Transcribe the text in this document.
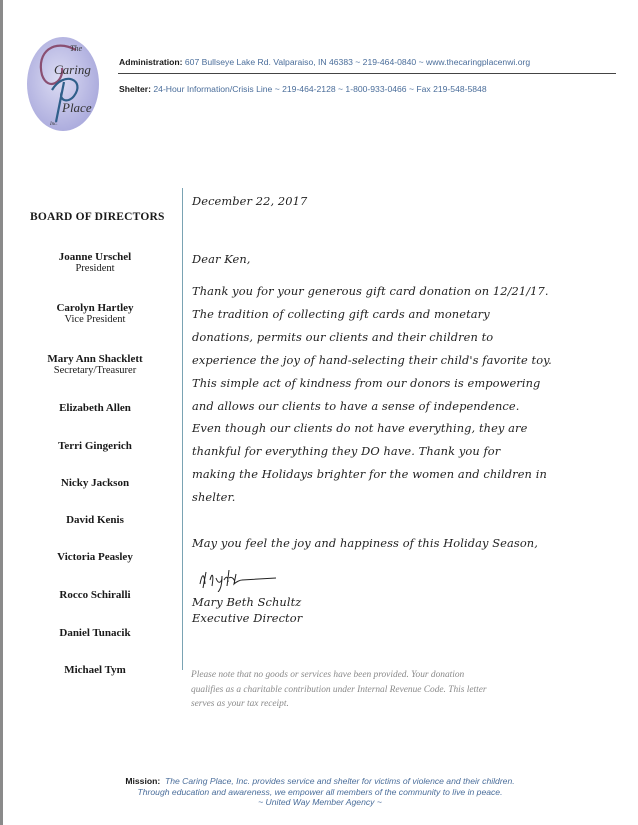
The
Caring
Place
Inc.
Administration: 607 Bullseye Lake Rd. Valparaiso, IN 46383 ~ 219-464-0840 ~ www.thecaringplacenwi.org
Shelter: 24-Hour Information/Crisis Line ~ 219-464-2128 ~ 1-800-933-0466 ~ Fax 219-548-5848
BOARD OF DIRECTORS
Joanne Urschel
President
Carolyn Hartley
Vice President
Mary Ann Shacklett
Secretary/Treasurer
Elizabeth Allen
Terri Gingerich
Nicky Jackson
David Kenis
Victoria Peasley
Rocco Schiralli
Daniel Tunacik
Michael Tym
December 22, 2017
Dear Ken,
Thank you for your generous gift card donation on 12/21/17.
The tradition of collecting gift cards and monetary
donations, permits our clients and their children to
experience the joy of hand-selecting their child's favorite toy.
This simple act of kindness from our donors is empowering
and allows our clients to have a sense of independence.
Even though our clients do not have everything, they are
thankful for everything they DO have. Thank you for
making the Holidays brighter for the women and children in
shelter.
May you feel the joy and happiness of this Holiday Season,
Mary Beth Schultz
Executive Director
Please note that no goods or services have been provided. Your donation
qualifies as a charitable contribution under Internal Revenue Code. This letter
serves as your tax receipt.
Mission: The Caring Place, Inc. provides service and shelter for victims of violence and their children.
Through education and awareness, we empower all members of the community to live in peace.
~ United Way Member Agency ~
